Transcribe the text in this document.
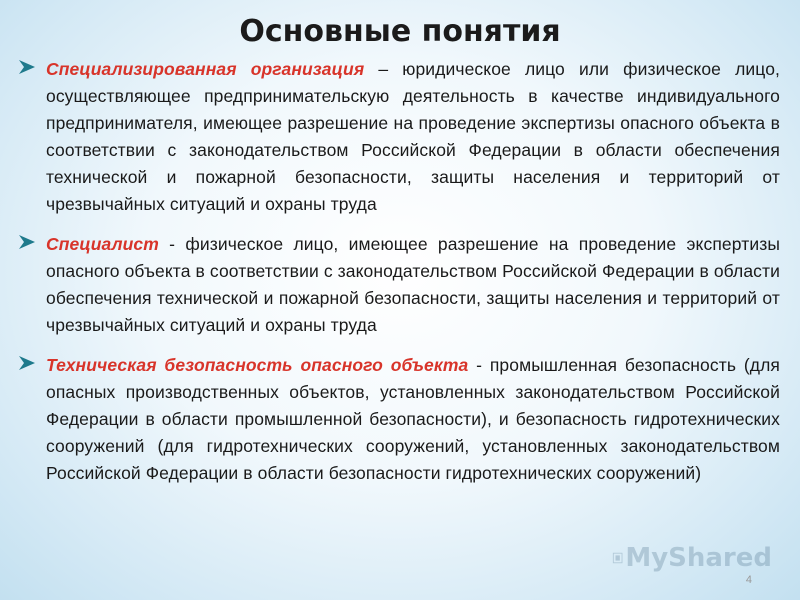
Основные понятия
Специализированная организация – юридическое лицо или физическое лицо, осуществляющее предпринимательскую деятельность в качестве индивидуального предпринимателя, имеющее разрешение на проведение экспертизы опасного объекта в соответствии с законодательством Российской Федерации в области обеспечения технической и пожарной безопасности, защиты населения и территорий от чрезвычайных ситуаций и охраны труда
Специалист - физическое лицо, имеющее разрешение на проведение экспертизы опасного объекта в соответствии с законодательством Российской Федерации в области обеспечения технической и пожарной безопасности, защиты населения и территорий от чрезвычайных ситуаций и охраны труда
Техническая безопасность опасного объекта - промышленная безопасность (для опасных производственных объектов, установленных законодательством Российской Федерации в области промышленной безопасности), и безопасность гидротехнических сооружений (для гидротехнических сооружений, установленных законодательством Российской Федерации в области безопасности гидротехнических сооружений)
MyShared
4
